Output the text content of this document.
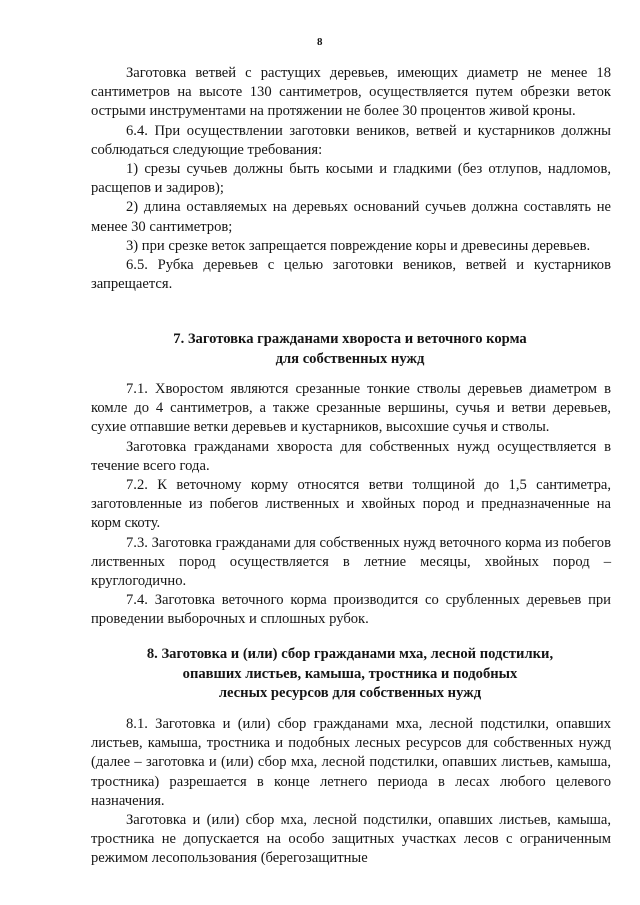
8

Заготовка ветвей с растущих деревьев, имеющих диаметр не менее 18 сантиметров на высоте 130 сантиметров, осуществляется путем обрезки веток острыми инструментами на протяжении не более 30 процентов живой кроны.

6.4. При осуществлении заготовки веников, ветвей и кустарников должны соблюдаться следующие требования:

1) срезы сучьев должны быть косыми и гладкими (без отлупов, надломов, расщепов и задиров);

2) длина оставляемых на деревьях оснований сучьев должна составлять не менее 30 сантиметров;

3) при срезке веток запрещается повреждение коры и древесины деревьев.

6.5. Рубка деревьев с целью заготовки веников, ветвей и кустарников запрещается.

7. Заготовка гражданами хвороста и веточного корма
для собственных нужд

7.1. Хворостом являются срезанные тонкие стволы деревьев диаметром в комле до 4 сантиметров, а также срезанные вершины, сучья и ветви деревьев, сухие отпавшие ветки деревьев и кустарников, высохшие сучья и стволы.

Заготовка гражданами хвороста для собственных нужд осуществляется в течение всего года.

7.2. К веточному корму относятся ветви толщиной до 1,5 сантиметра, заготовленные из побегов лиственных и хвойных пород и предназначенные на корм скоту.

7.3. Заготовка гражданами для собственных нужд веточного корма из побегов лиственных пород осуществляется в летние месяцы, хвойных пород – круглогодично.

7.4. Заготовка веточного корма производится со срубленных деревьев при проведении выборочных и сплошных рубок.

8. Заготовка и (или) сбор гражданами мха, лесной подстилки,
опавших листьев, камыша, тростника и подобных
лесных ресурсов для собственных нужд

8.1. Заготовка и (или) сбор гражданами мха, лесной подстилки, опавших листьев, камыша, тростника и подобных лесных ресурсов для собственных нужд (далее – заготовка и (или) сбор мха, лесной подстилки, опавших листьев, камыша, тростника) разрешается в конце летнего периода в лесах любого целевого назначения.

Заготовка и (или) сбор мха, лесной подстилки, опавших листьев, камыша, тростника не допускается на особо защитных участках лесов с ограниченным режимом лесопользования (берегозащитные
